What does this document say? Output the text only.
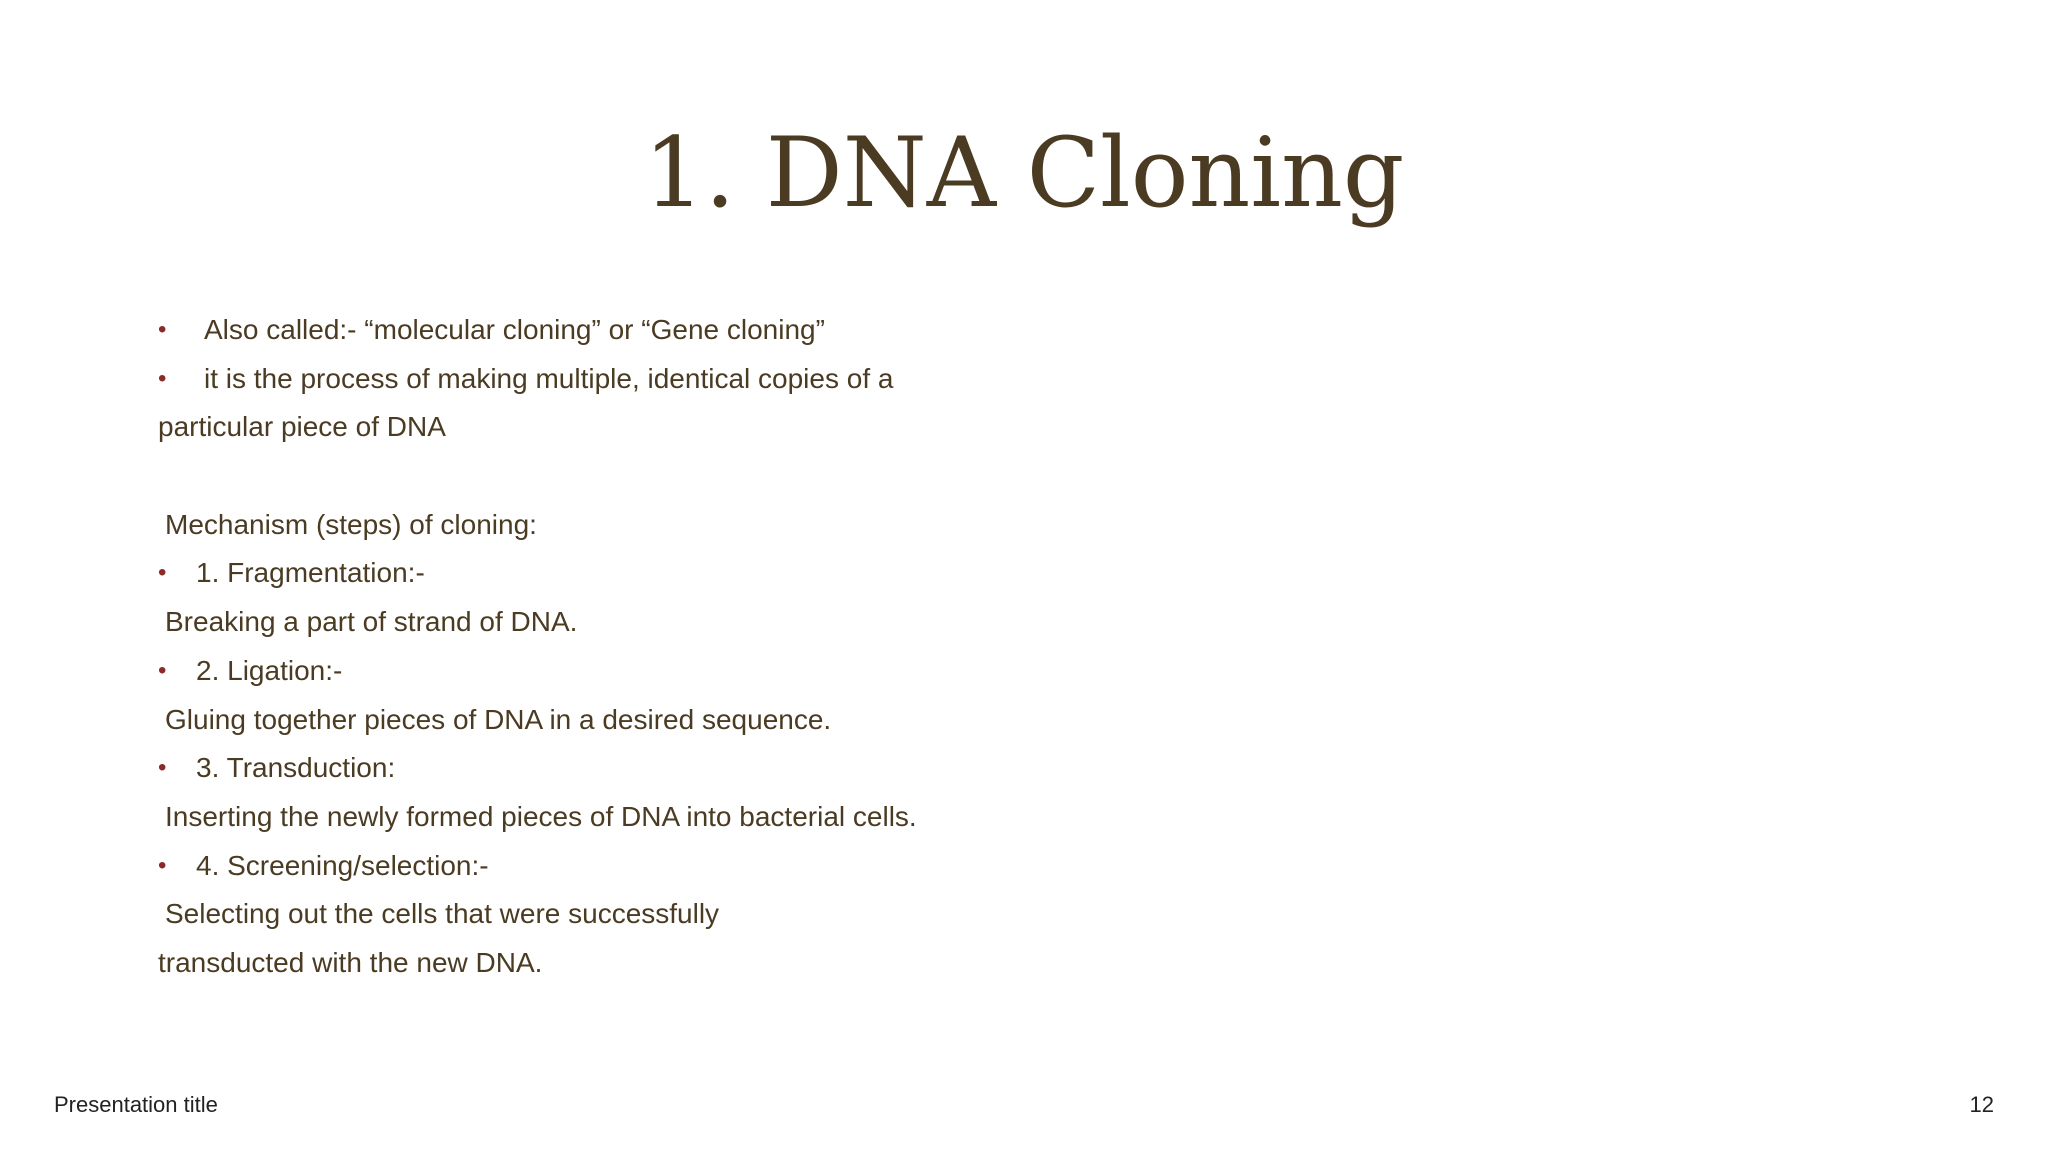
1. DNA Cloning
• Also called:- “molecular cloning” or “Gene cloning”
• it is the process of making multiple, identical copies of a
particular piece of DNA
Mechanism (steps) of cloning:
• 1. Fragmentation:-
Breaking a part of strand of DNA.
• 2. Ligation:-
Gluing together pieces of DNA in a desired sequence.
• 3. Transduction:
Inserting the newly formed pieces of DNA into bacterial cells.
• 4. Screening/selection:-
Selecting out the cells that were successfully
transducted with the new DNA.
Presentation title	12
